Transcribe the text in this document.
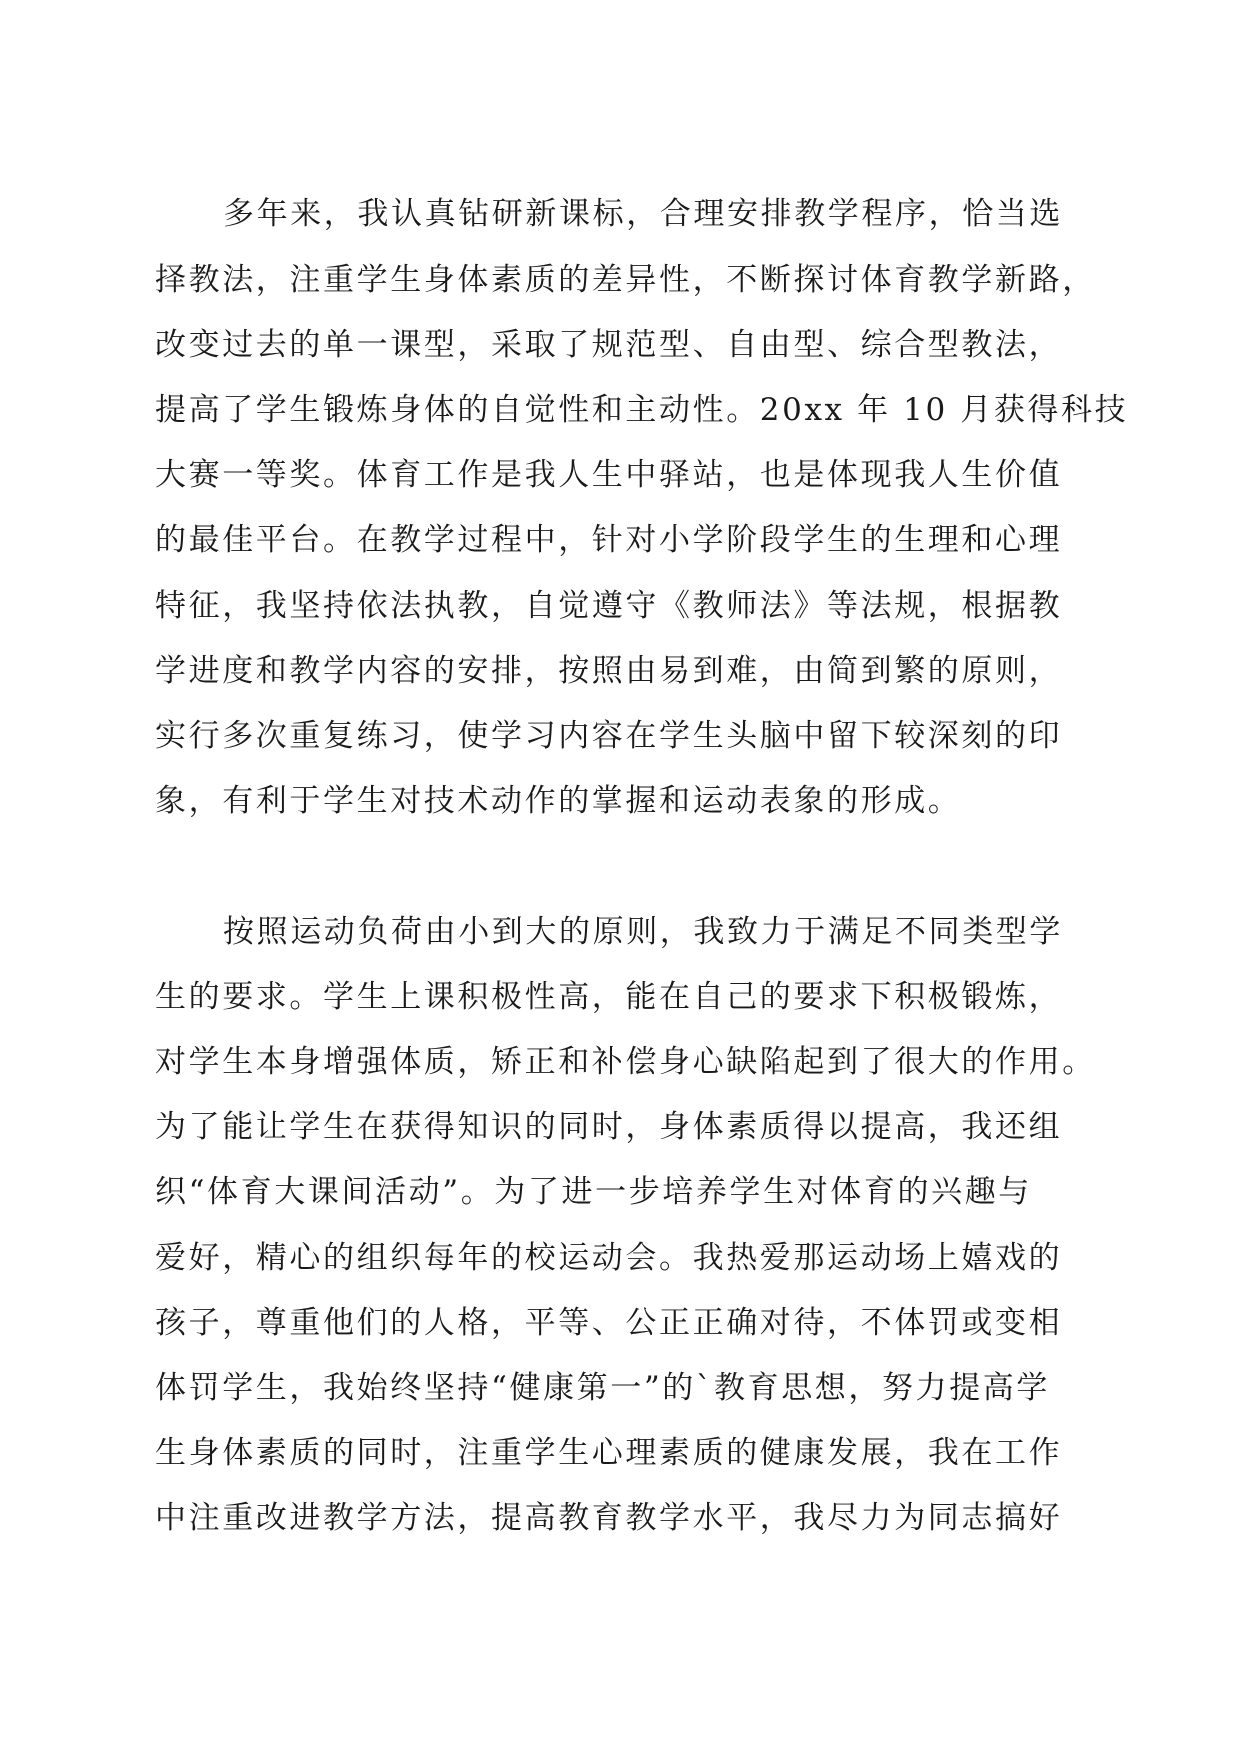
多年来，我认真钻研新课标，合理安排教学程序，恰当选

择教法，注重学生身体素质的差异性，不断探讨体育教学新路，

改变过去的单一课型，采取了规范型、自由型、综合型教法，

提高了学生锻炼身体的自觉性和主动性。20xx 年 10 月获得科技

大赛一等奖。体育工作是我人生中驿站，也是体现我人生价值

的最佳平台。在教学过程中，针对小学阶段学生的生理和心理

特征，我坚持依法执教，自觉遵守《教师法》等法规，根据教

学进度和教学内容的安排，按照由易到难，由简到繁的原则，

实行多次重复练习，使学习内容在学生头脑中留下较深刻的印

象，有利于学生对技术动作的掌握和运动表象的形成。

按照运动负荷由小到大的原则，我致力于满足不同类型学

生的要求。学生上课积极性高，能在自己的要求下积极锻炼，

对学生本身增强体质，矫正和补偿身心缺陷起到了很大的作用。

为了能让学生在获得知识的同时，身体素质得以提高，我还组

织“体育大课间活动”。为了进一步培养学生对体育的兴趣与

爱好，精心的组织每年的校运动会。我热爱那运动场上嬉戏的

孩子，尊重他们的人格，平等、公正正确对待，不体罚或变相

体罚学生，我始终坚持“健康第一”的`教育思想，努力提高学

生身体素质的同时，注重学生心理素质的健康发展，我在工作

中注重改进教学方法，提高教育教学水平，我尽力为同志搞好
